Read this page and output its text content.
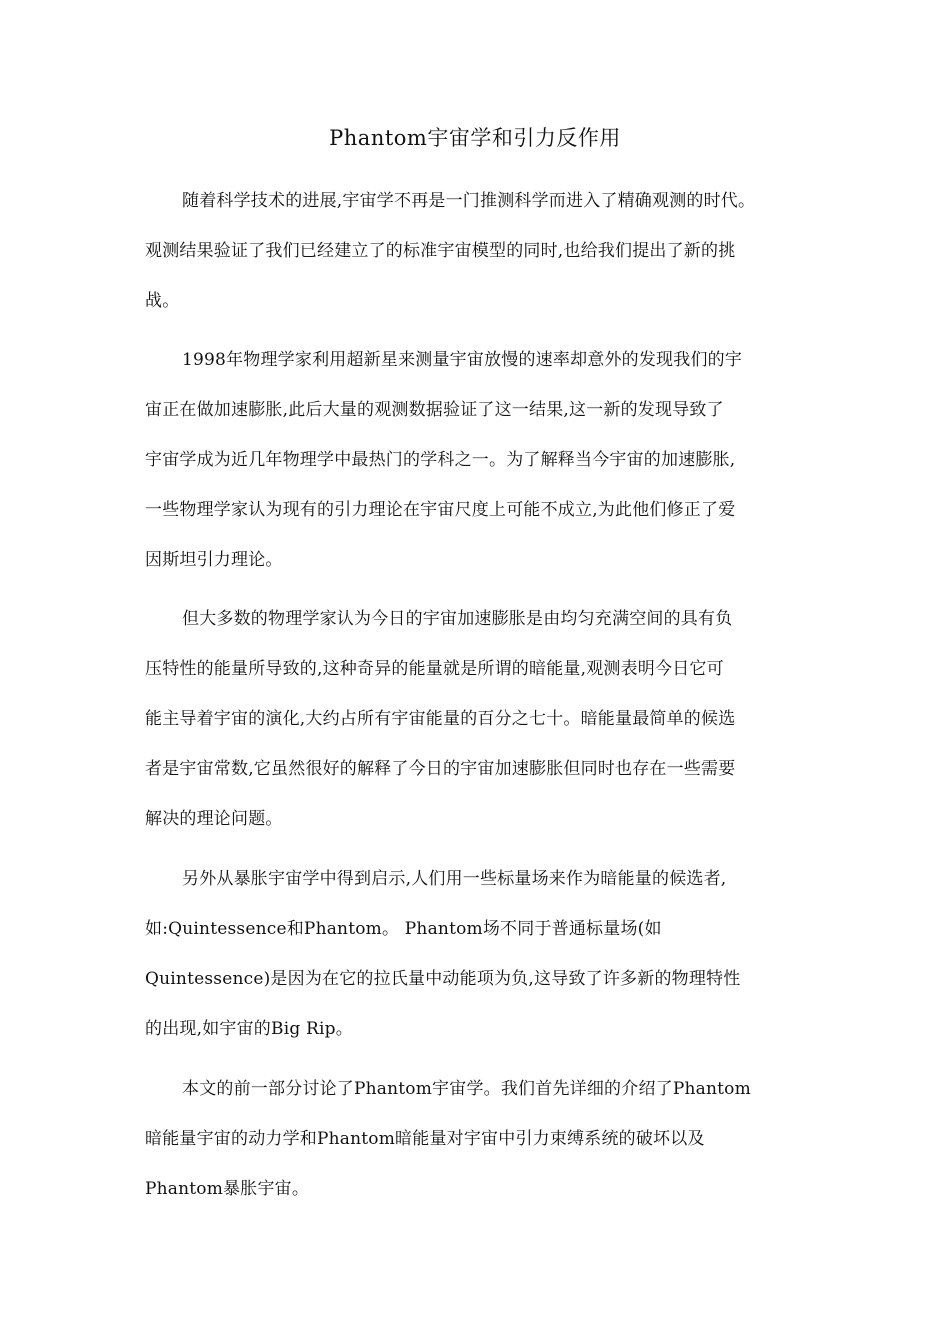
Phantom宇宙学和引力反作用
随着科学技术的进展,宇宙学不再是一门推测科学而进入了精确观测的时代。
观测结果验证了我们已经建立了的标准宇宙模型的同时,也给我们提出了新的挑
战。
1998年物理学家利用超新星来测量宇宙放慢的速率却意外的发现我们的宇
宙正在做加速膨胀,此后大量的观测数据验证了这一结果,这一新的发现导致了
宇宙学成为近几年物理学中最热门的学科之一。为了解释当今宇宙的加速膨胀,
一些物理学家认为现有的引力理论在宇宙尺度上可能不成立,为此他们修正了爱
因斯坦引力理论。
但大多数的物理学家认为今日的宇宙加速膨胀是由均匀充满空间的具有负
压特性的能量所导致的,这种奇异的能量就是所谓的暗能量,观测表明今日它可
能主导着宇宙的演化,大约占所有宇宙能量的百分之七十。暗能量最简单的候选
者是宇宙常数,它虽然很好的解释了今日的宇宙加速膨胀但同时也存在一些需要
解决的理论问题。
另外从暴胀宇宙学中得到启示,人们用一些标量场来作为暗能量的候选者,
如:Quintessence和Phantom。 Phantom场不同于普通标量场(如
Quintessence)是因为在它的拉氏量中动能项为负,这导致了许多新的物理特性
的出现,如宇宙的Big Rip。
本文的前一部分讨论了Phantom宇宙学。我们首先详细的介绍了Phantom
暗能量宇宙的动力学和Phantom暗能量对宇宙中引力束缚系统的破坏以及
Phantom暴胀宇宙。
